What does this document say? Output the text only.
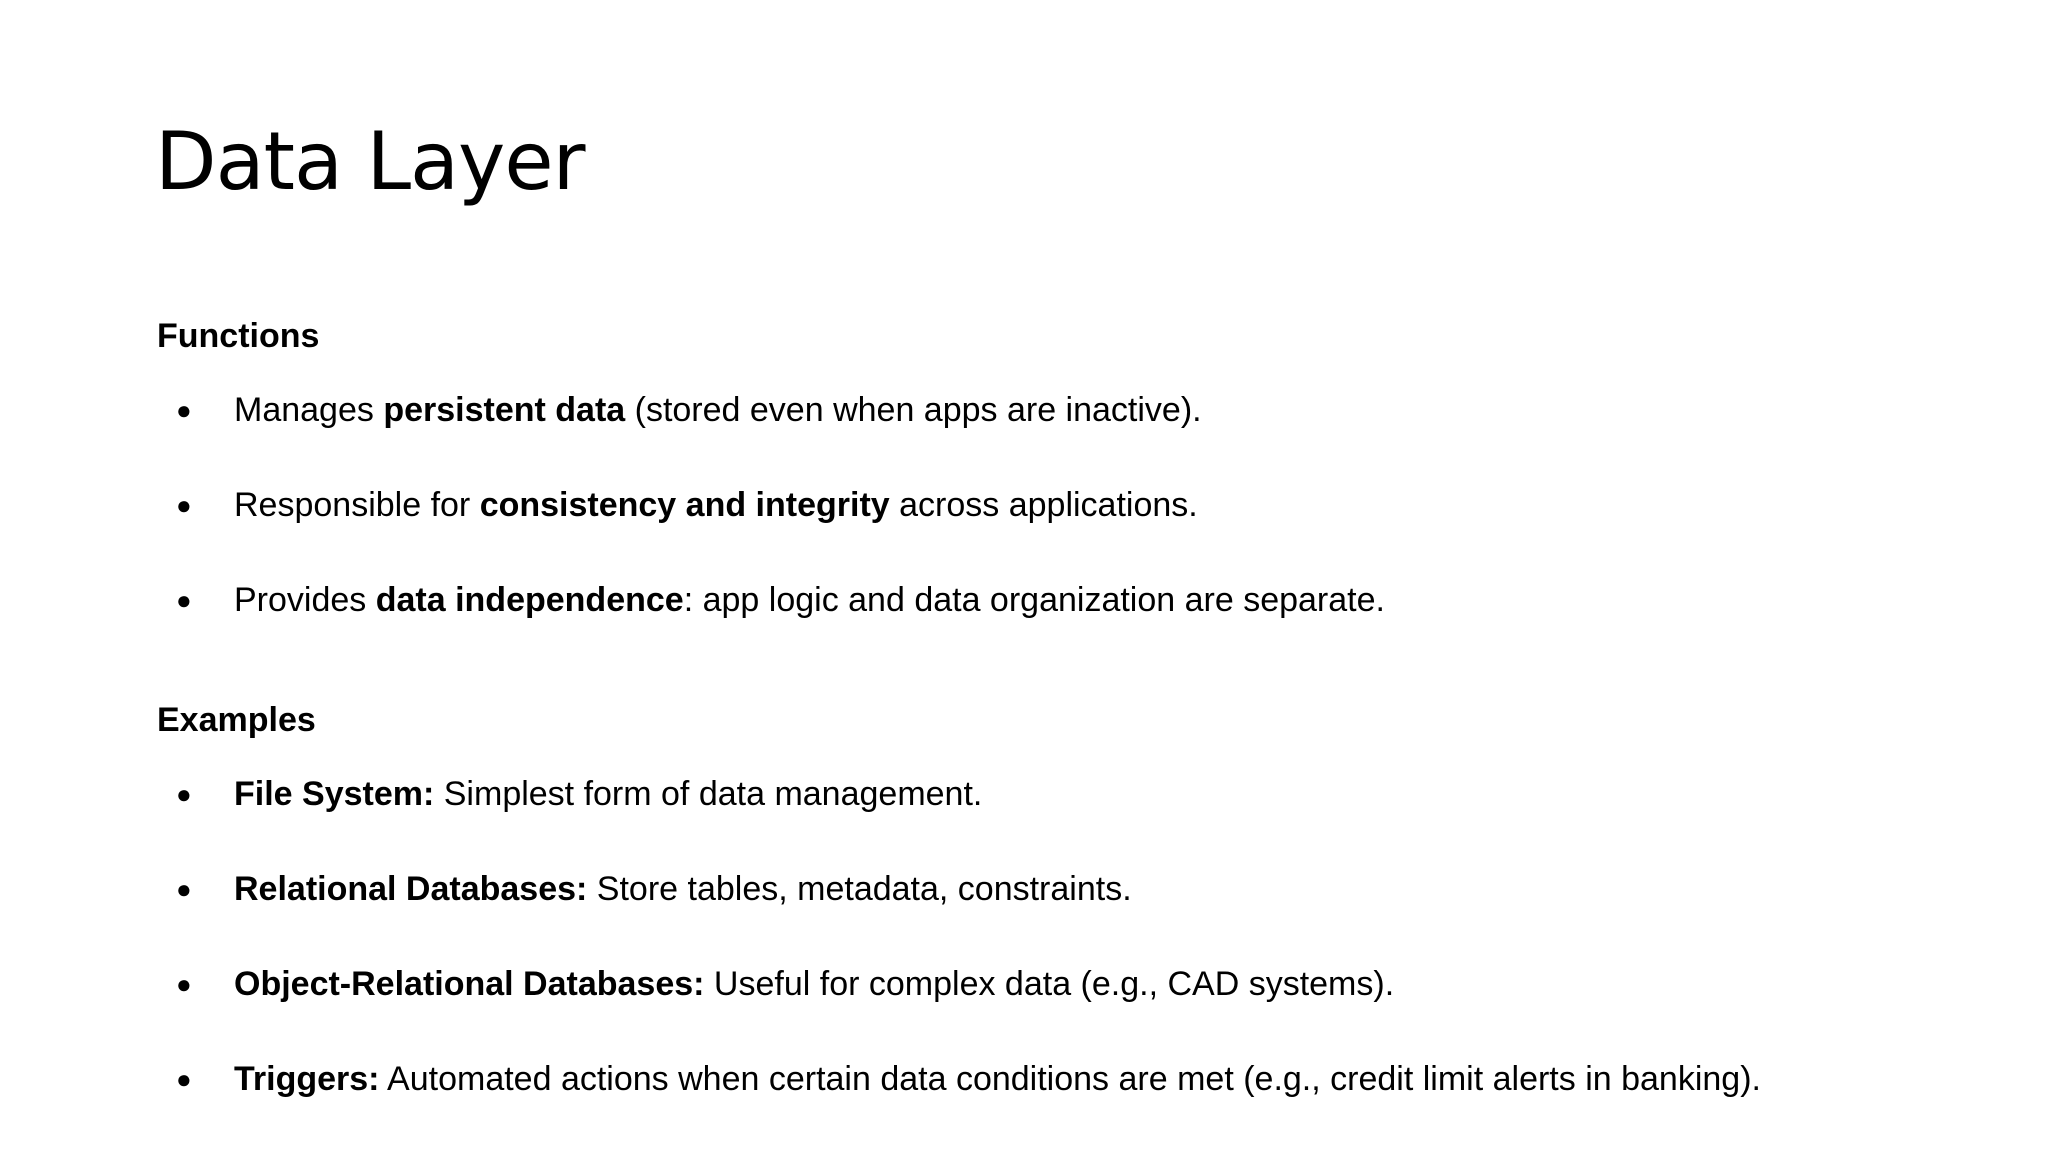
Data Layer
Functions
●	Manages persistent data (stored even when apps are inactive).
●	Responsible for consistency and integrity across applications.
●	Provides data independence: app logic and data organization are separate.
Examples
●	File System: Simplest form of data management.
●	Relational Databases: Store tables, metadata, constraints.
●	Object-Relational Databases: Useful for complex data (e.g., CAD systems).
●	Triggers: Automated actions when certain data conditions are met (e.g., credit limit alerts in banking).
